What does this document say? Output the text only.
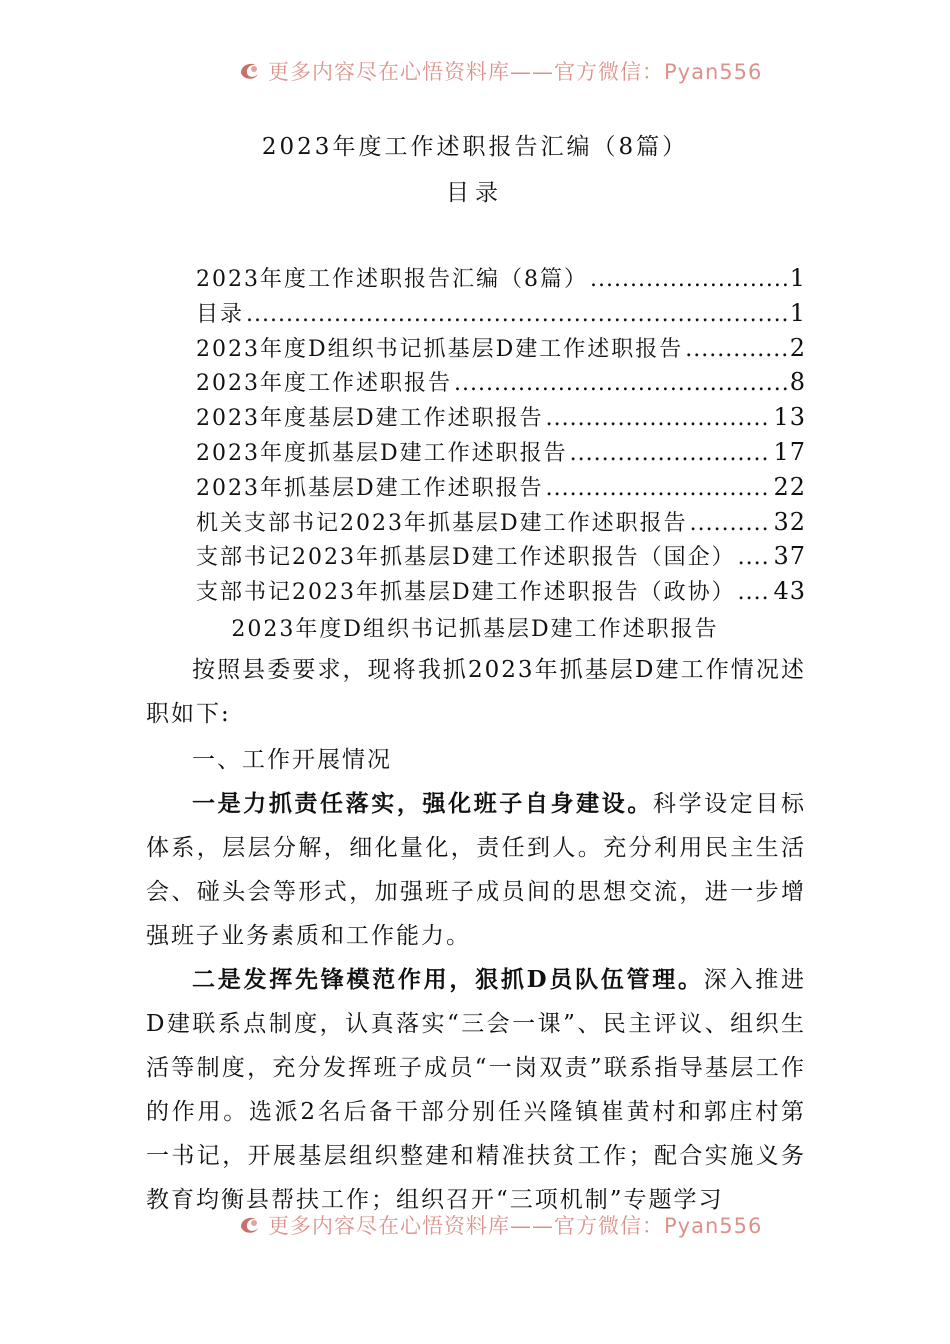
更多内容尽在心悟资料库——官方微信：Pyan556
2023年度工作述职报告汇编（8篇）
目录
2023年度工作述职报告汇编（8篇） .....	1
目录 .....	1
2023年度D组织书记抓基层D建工作述职报告 .....	2
2023年度工作述职报告 .....	8
2023年度基层D建工作述职报告 .....	13
2023年度抓基层D建工作述职报告 .....	17
2023年抓基层D建工作述职报告 .....	22
机关支部书记2023年抓基层D建工作述职报告 .....	32
支部书记2023年抓基层D建工作述职报告（国企） ..... 37
支部书记2023年抓基层D建工作述职报告（政协） ..... 43
2023年度D组织书记抓基层D建工作述职报告

按照县委要求，现将我抓2023年抓基层D建工作情况述职如下:

一、工作开展情况

一是力抓责任落实，强化班子自身建设。科学设定目标体系，层层分解，细化量化，责任到人。充分利用民主生活会、碰头会等形式，加强班子成员间的思想交流，进一步增强班子业务素质和工作能力。

二是发挥先锋模范作用，狠抓D员队伍管理。深入推进D建联系点制度，认真落实“三会一课”、民主评议、组织生活等制度，充分发挥班子成员“一岗双责”联系指导基层工作的作用。选派2名后备干部分别任兴隆镇崔黄村和郭庄村第一书记，开展基层组织整建和精准扶贫工作；配合实施义务教育均衡县帮扶工作；组织召开“三项机制”专题学习

更多内容尽在心悟资料库——官方微信：Pyan556
